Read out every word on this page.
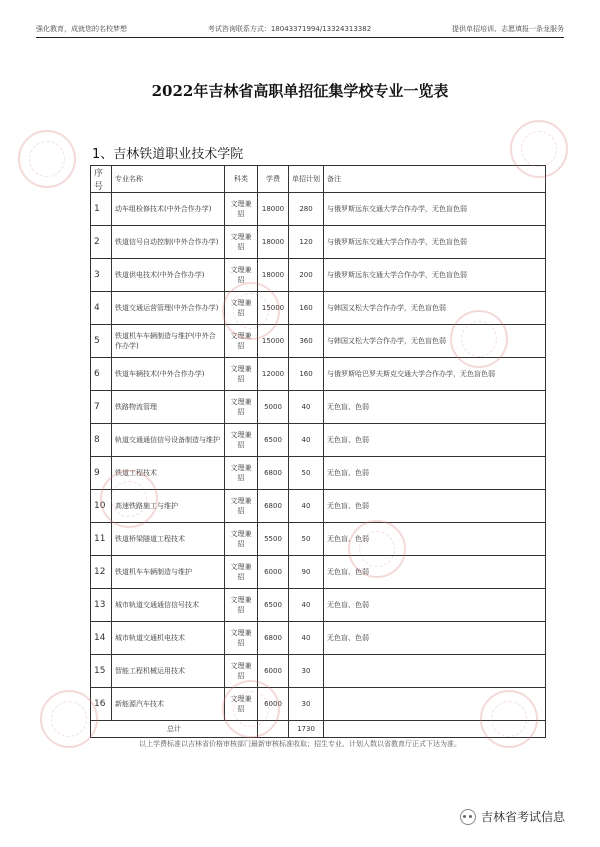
强化教育，成就您的名校梦想	考试咨询联系方式：18043371994/13324313382	提供单招培训、志愿填报一条龙服务
2022年吉林省高职单招征集学校专业一览表
1、吉林铁道职业技术学院
序号	专业名称	科类	学费	单招计划	备注
1	动车组检修技术(中外合作办学)	文理兼招	18000	280	与俄罗斯远东交通大学合作办学，无色盲色弱
2	铁道信号自动控制(中外合作办学)	文理兼招	18000	120	与俄罗斯远东交通大学合作办学，无色盲色弱
3	铁道供电技术(中外合作办学)	文理兼招	18000	200	与俄罗斯远东交通大学合作办学，无色盲色弱
4	铁道交通运营管理(中外合作办学)	文理兼招	15000	160	与韩国又松大学合作办学，无色盲色弱
5	铁道机车车辆制造与维护(中外合作办学)	文理兼招	15000	360	与韩国又松大学合作办学，无色盲色弱
6	铁道车辆技术(中外合作办学)	文理兼招	12000	160	与俄罗斯哈巴罗夫斯克交通大学合作办学，无色盲色弱
7	铁路物流管理	文理兼招	5000	40	无色盲、色弱
8	轨道交通通信信号设备制造与维护	文理兼招	6500	40	无色盲、色弱
9	铁道工程技术	文理兼招	6800	50	无色盲、色弱
10	高速铁路施工与维护	文理兼招	6800	40	无色盲、色弱
11	铁道桥梁隧道工程技术	文理兼招	5500	50	无色盲、色弱
12	铁道机车车辆制造与维护	文理兼招	6000	90	无色盲、色弱
13	城市轨道交通通信信号技术	文理兼招	6500	40	无色盲、色弱
14	城市轨道交通机电技术	文理兼招	6800	40	无色盲、色弱
15	智能工程机械运用技术	文理兼招	6000	30	
16	新能源汽车技术	文理兼招	6000	30	
总计				1730	
以上学费标准以吉林省价格审核部门最新审核标准收取；招生专业、计划人数以省教育厅正式下达为准。
吉林省考试信息
